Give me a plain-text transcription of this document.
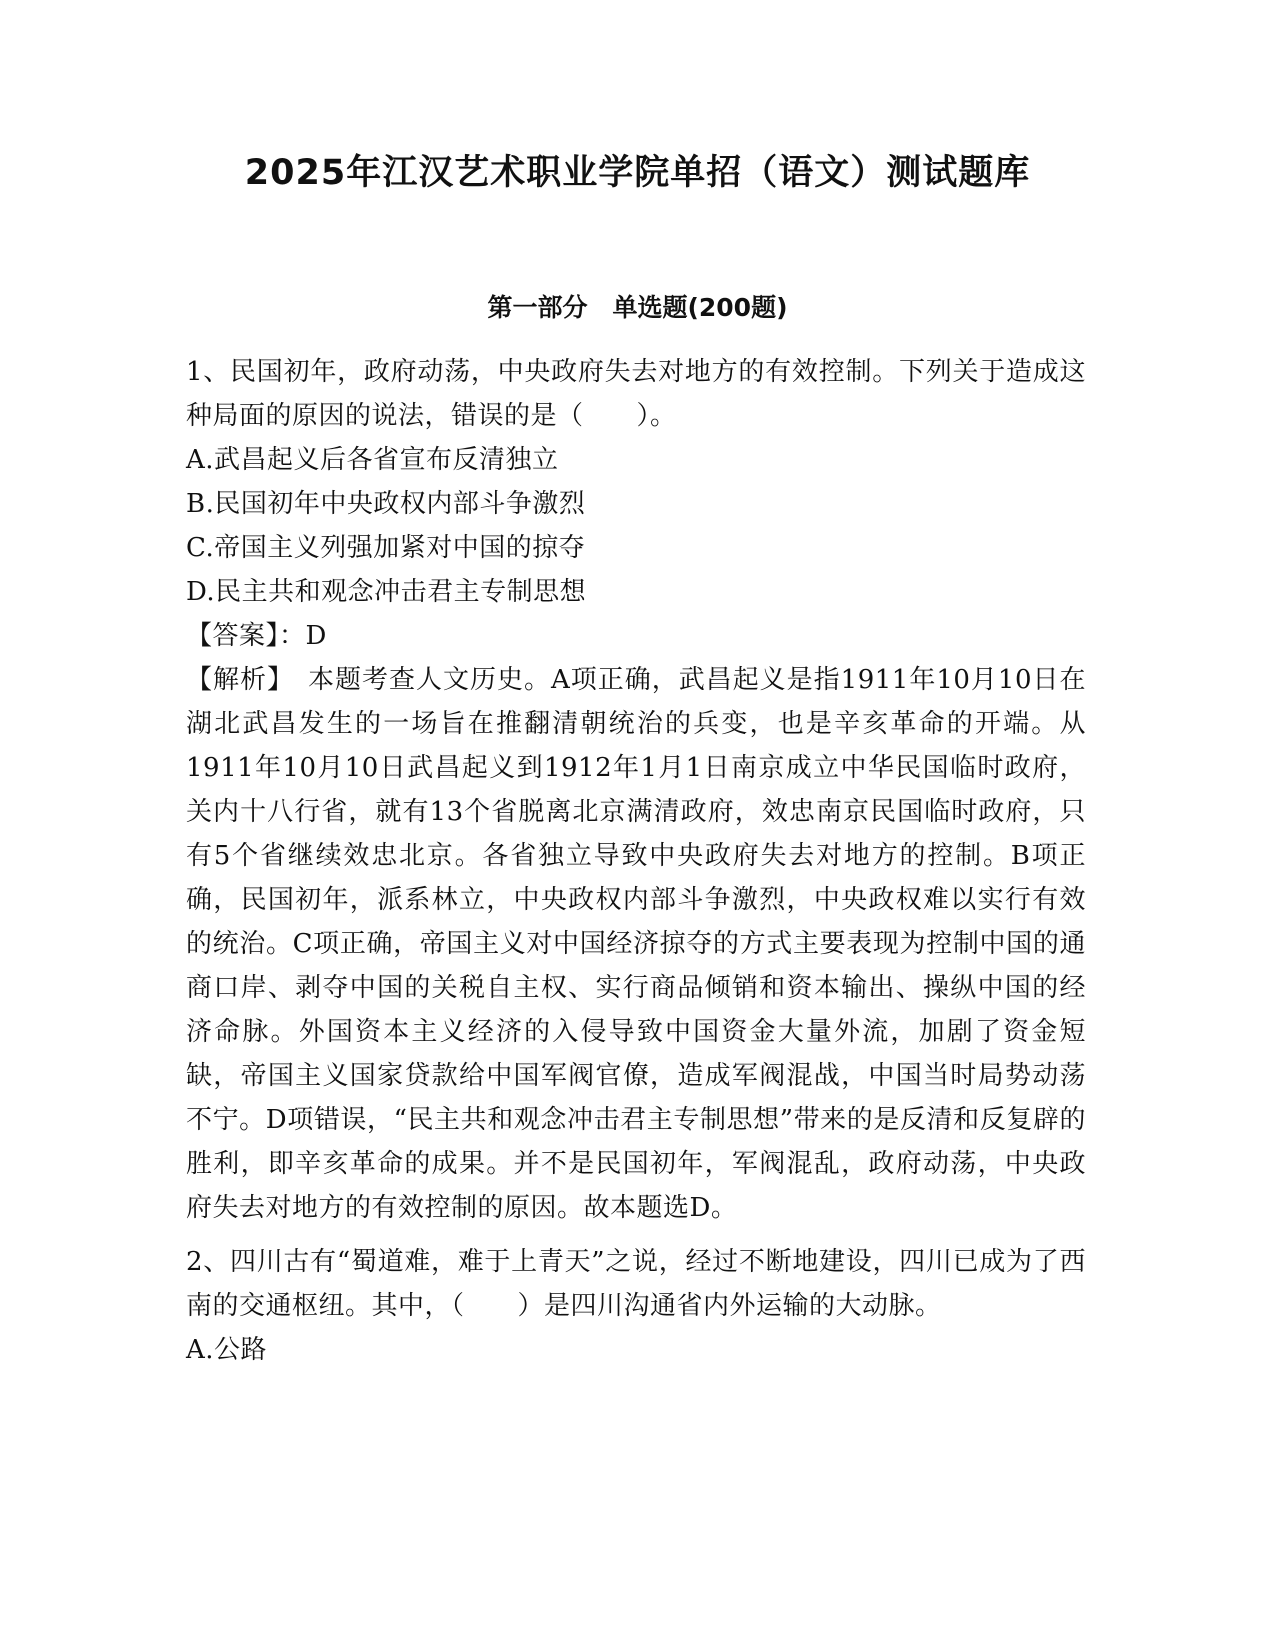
2025年江汉艺术职业学院单招（语文）测试题库
第一部分　单选题(200题)

1、民国初年，政府动荡，中央政府失去对地方的有效控制。下列关于造成这种局面的原因的说法，错误的是（　　）。

A.武昌起义后各省宣布反清独立

B.民国初年中央政权内部斗争激烈

C.帝国主义列强加紧对中国的掠夺

D.民主共和观念冲击君主专制思想

【答案】：D

【解析】　本题考查人文历史。A项正确，武昌起义是指1911年10月10日在湖北武昌发生的一场旨在推翻清朝统治的兵变，也是辛亥革命的开端。从1911年10月10日武昌起义到1912年1月1日南京成立中华民国临时政府，关内十八行省，就有13个省脱离北京满清政府，效忠南京民国临时政府，只有5个省继续效忠北京。各省独立导致中央政府失去对地方的控制。B项正确，民国初年，派系林立，中央政权内部斗争激烈，中央政权难以实行有效的统治。C项正确，帝国主义对中国经济掠夺的方式主要表现为控制中国的通商口岸、剥夺中国的关税自主权、实行商品倾销和资本输出、操纵中国的经济命脉。外国资本主义经济的入侵导致中国资金大量外流，加剧了资金短缺，帝国主义国家贷款给中国军阀官僚，造成军阀混战，中国当时局势动荡不宁。D项错误，“民主共和观念冲击君主专制思想”带来的是反清和反复辟的胜利，即辛亥革命的成果。并不是民国初年，军阀混乱，政府动荡，中央政府失去对地方的有效控制的原因。故本题选D。

2、四川古有“蜀道难，难于上青天”之说，经过不断地建设，四川已成为了西南的交通枢纽。其中，（　　）是四川沟通省内外运输的大动脉。

A.公路
